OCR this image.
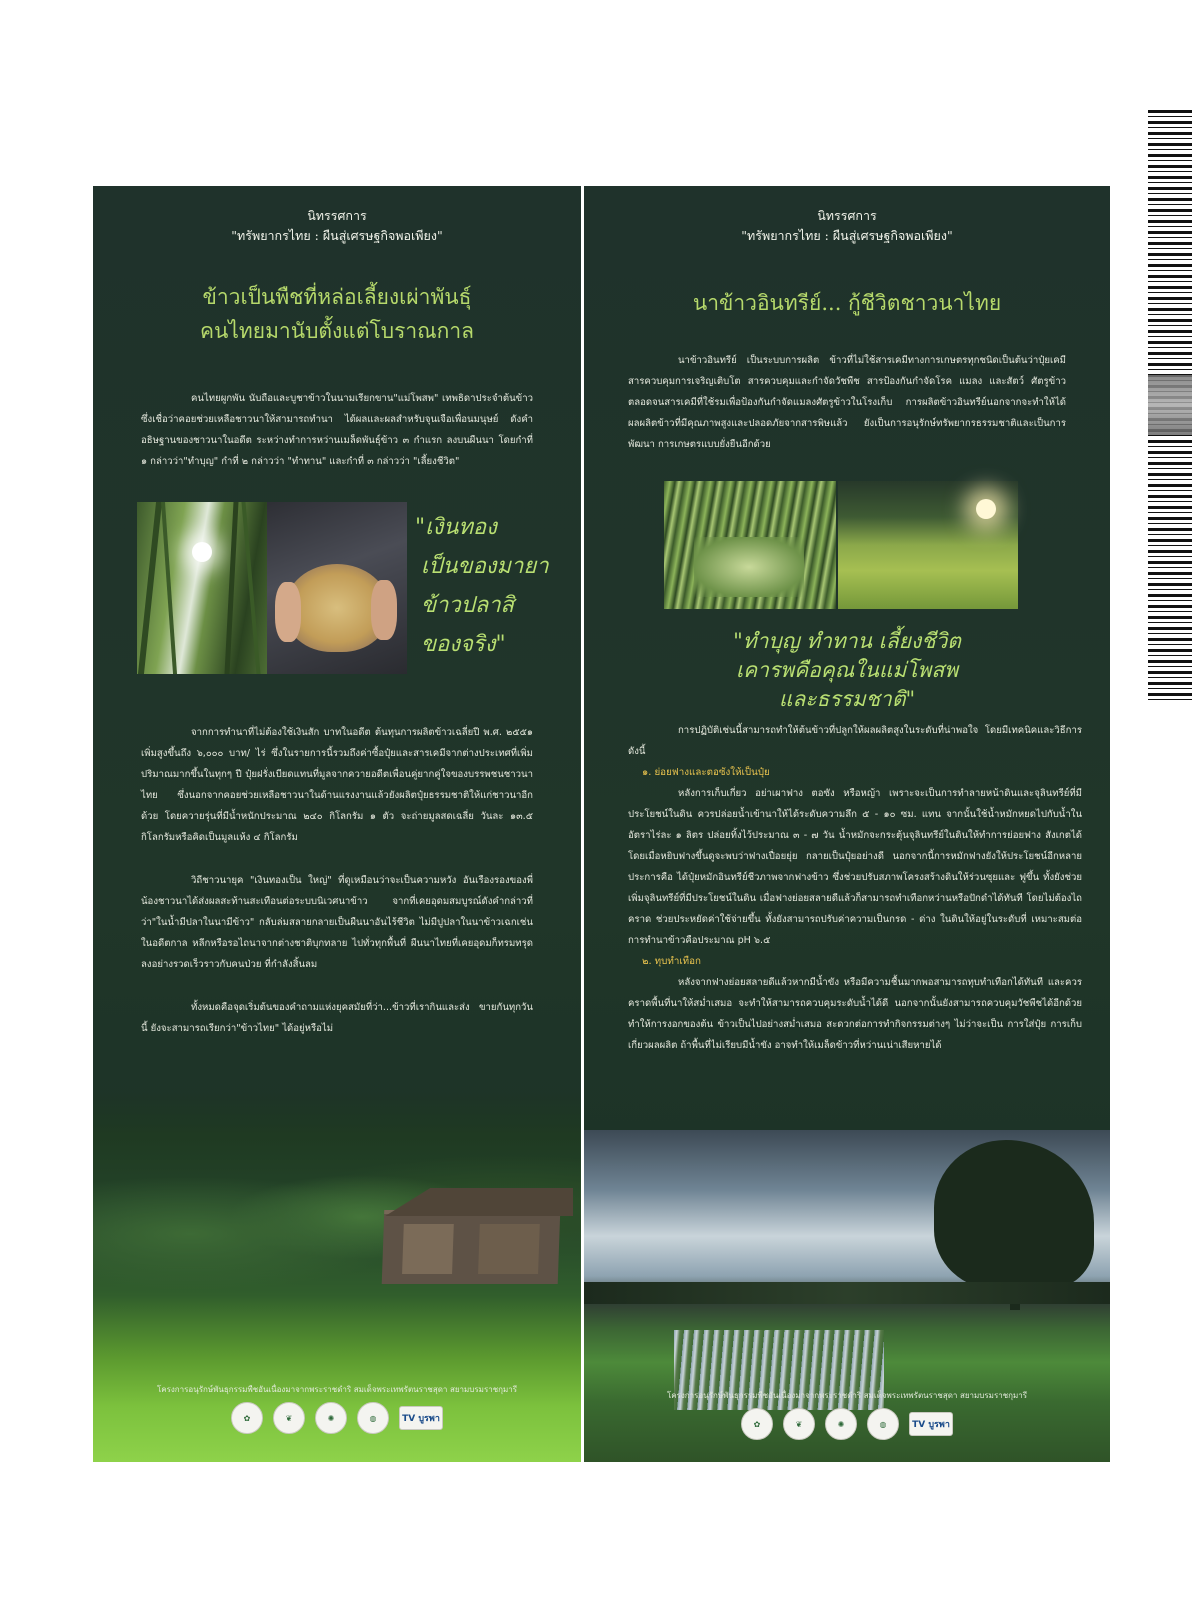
นิทรรศการ
"ทรัพยากรไทย : ผืนสู่เศรษฐกิจพอเพียง"
ข้าวเป็นพืชที่หล่อเลี้ยงเผ่าพันธุ์
คนไทยมานับตั้งแต่โบราณกาล

คนไทยผูกพัน นับถือและบูชาข้าวในนามเรียกขาน"แม่โพสพ" เทพธิดาประจำต้นข้าว ซึ่งเชื่อว่าคอยช่วยเหลือชาวนาให้สามารถทำนา ได้ผลและผลสำหรับจุนเจือเพื่อนมนุษย์ ดังคำอธิษฐานของชาวนาในอดีต ระหว่างทำการหว่านเมล็ดพันธุ์ข้าว ๓ กำแรก ลงบนผืนนา โดยกำที่ ๑ กล่าวว่า"ทำบุญ" กำที่ ๒ กล่าวว่า "ทำทาน" และกำที่ ๓ กล่าวว่า "เลี้ยงชีวิต"

"เงินทอง
เป็นของมายา
ข้าวปลาสิ
ของจริง"

จากการทำนาที่ไม่ต้องใช้เงินสัก บาทในอดีต ต้นทุนการผลิตข้าวเฉลี่ยปี พ.ศ. ๒๕๕๑ เพิ่มสูงขึ้นถึง ๖,๐๐๐ บาท/ ไร่ ซึ่งในรายการนี้รวมถึงค่าซื้อปุ๋ยและสารเคมีจากต่างประเทศที่เพิ่มปริมาณมากขึ้นในทุกๆ ปี ปุ๋ยฝรั่งเบียดแทนที่มูลจากควายอดีตเพื่อนคู่ยากคู่ใจของบรรพชนชาวนาไทย ซึ่งนอกจากคอยช่วยเหลือชาวนาในด้านแรงงานแล้วยังผลิตปุ๋ยธรรมชาติให้แก่ชาวนาอีกด้วย โดยควายรุ่นที่มีน้ำหนักประมาณ ๒๔๐ กิโลกรัม ๑ ตัว จะถ่ายมูลสดเฉลี่ย วันละ ๑๓.๕ กิโลกรัมหรือคิดเป็นมูลแห้ง ๔ กิโลกรัม

วิถีชาวนายุค "เงินทองเป็น ใหญ่" ที่ดูเหมือนว่าจะเป็นความหวัง อันเรืองรองของพี่น้องชาวนาได้ส่งผลสะท้านสะเทือนต่อระบบนิเวศนาข้าว จากที่เคยอุดมสมบูรณ์ดังคำกล่าวที่ว่า"ในน้ำมีปลาในนามีข้าว" กลับล่มสลายกลายเป็นผืนนาอันไร้ชีวิต ไม่มีปูปลาในนาข้าวเฉกเช่นในอดีตกาล หลีกหรือรอไถนาจากต่างชาติบุกทลาย ไปทั่วทุกพื้นที่ ผืนนาไทยที่เคยอุดมก็ทรมทรุดลงอย่างรวดเร็วราวกับคนป่วย ที่กำลังสิ้นลม

ทั้งหมดคือจุดเริ่มต้นของคำถามแห่งยุคสมัยที่ว่า...ข้าวที่เรากินและส่ง ขายกันทุกวันนี้ ยังจะสามารถเรียกว่า"ข้าวไทย" ได้อยู่หรือไม่

โครงการอนุรักษ์พันธุกรรมพืชอันเนื่องมาจากพระราชดำริ สมเด็จพระเทพรัตนราชสุดา สยามบรมราชกุมารี
✿	❦	✺	◍	TV บูรพา
นิทรรศการ
"ทรัพยากรไทย : ผืนสู่เศรษฐกิจพอเพียง"
นาข้าวอินทรีย์... กู้ชีวิตชาวนาไทย

นาข้าวอินทรีย์ เป็นระบบการผลิต ข้าวที่ไม่ใช้สารเคมีทางการเกษตรทุกชนิดเป็นต้นว่าปุ๋ยเคมี สารควบคุมการเจริญเติบโต สารควบคุมและกำจัดวัชพืช สารป้องกันกำจัดโรค แมลง และสัตว์ ศัตรูข้าว ตลอดจนสารเคมีที่ใช้รมเพื่อป้องกันกำจัดแมลงศัตรูข้าวในโรงเก็บ การผลิตข้าวอินทรีย์นอกจากจะทำให้ได้ผลผลิตข้าวที่มีคุณภาพสูงและปลอดภัยจากสารพิษแล้ว ยังเป็นการอนุรักษ์ทรัพยากรธรรมชาติและเป็นการพัฒนา การเกษตรแบบยั่งยืนอีกด้วย

"ทำบุญ ทำทาน เลี้ยงชีวิต
เคารพคือคุณในแม่โพสพ
และธรรมชาติ"

การปฏิบัติเช่นนี้สามารถทำให้ต้นข้าวที่ปลูกให้ผลผลิตสูงในระดับที่น่าพอใจ โดยมีเทคนิคและวิธีการดังนี้

๑. ย่อยฟางและตอซังให้เป็นปุ๋ย

หลังการเก็บเกี่ยว อย่าเผาฟาง ตอซัง หรือหญ้า เพราะจะเป็นการทำลายหน้าดินและจุลินทรีย์ที่มีประโยชน์ในดิน ควรปล่อยน้ำเข้านาให้ได้ระดับความลึก ๕ - ๑๐ ซม. แทน จากนั้นใช้น้ำหมักหยดไปกับน้ำในอัตราไร่ละ ๑ ลิตร ปล่อยทิ้งไว้ประมาณ ๓ - ๗ วัน น้ำหมักจะกระตุ้นจุลินทรีย์ในดินให้ทำการย่อยฟาง สังเกตได้โดยเมื่อหยิบฟางขึ้นดูจะพบว่าฟางเปื่อยยุ่ย กลายเป็นปุ๋ยอย่างดี นอกจากนี้การหมักฟางยังให้ประโยชน์อีกหลายประการคือ ได้ปุ๋ยหมักอินทรีย์ชีวภาพจากฟางข้าว ซึ่งช่วยปรับสภาพโครงสร้างดินให้ร่วนซุยและ ฟูขึ้น ทั้งยังช่วยเพิ่มจุลินทรีย์ที่มีประโยชน์ในดิน เมื่อฟางย่อยสลายดีแล้วก็สามารถทำเทือกหว่านหรือปักดำได้ทันที โดยไม่ต้องไถคราด ช่วยประหยัดค่าใช้จ่ายขึ้น ทั้งยังสามารถปรับค่าความเป็นกรด - ด่าง ในดินให้อยู่ในระดับที่ เหมาะสมต่อการทำนาข้าวคือประมาณ pH ๖.๕

๒. ทุบทำเทือก

หลังจากฟางย่อยสลายดีแล้วหากมีน้ำขัง หรือมีความชื้นมากพอสามารถทุบทำเทือกได้ทันที และควรคราดพื้นที่นาให้สม่ำเสมอ จะทำให้สามารถควบคุมระดับน้ำได้ดี นอกจากนั้นยังสามารถควบคุมวัชพืชได้อีกด้วย ทำให้การงอกของต้น ข้าวเป็นไปอย่างสม่ำเสมอ สะดวกต่อการทำกิจกรรมต่างๆ ไม่ว่าจะเป็น การใส่ปุ๋ย การเก็บเกี่ยวผลผลิต ถ้าพื้นที่ไม่เรียบมีน้ำขัง อาจทำให้เมล็ดข้าวที่หว่านเน่าเสียหายได้

โครงการอนุรักษ์พันธุกรรมพืชอันเนื่องมาจากพระราชดำริ สมเด็จพระเทพรัตนราชสุดา สยามบรมราชกุมารี
✿	❦	✺	◍	TV บูรพา
